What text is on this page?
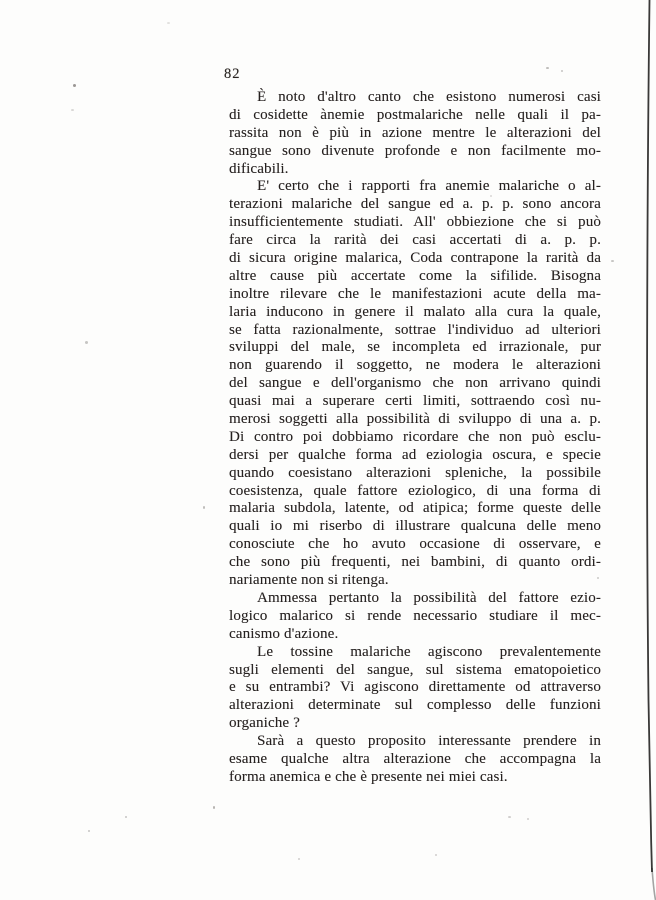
82
È noto d'altro canto che esistono numerosi casi
di cosidette ànemie postmalariche nelle quali il pa-
rassita non è più in azione mentre le alterazioni del
sangue sono divenute profonde e non facilmente mo-
dificabili.
E' certo che i rapporti fra anemie malariche o al-
terazioni malariche del sangue ed a. p. p. sono ancora
insufficientemente studiati. All' obbiezione che si può
fare circa la rarità dei casi accertati di a. p. p.
di sicura origine malarica, Coda contrapone la rarità da
altre cause più accertate come la sifilide. Bisogna
inoltre rilevare che le manifestazioni acute della ma-
laria inducono in genere il malato alla cura la quale,
se fatta razionalmente, sottrae l'individuo ad ulteriori
sviluppi del male, se incompleta ed irrazionale, pur
non guarendo il soggetto, ne modera le alterazioni
del sangue e dell'organismo che non arrivano quindi
quasi mai a superare certi limiti, sottraendo così nu-
merosi soggetti alla possibilità di sviluppo di una a. p.
Di contro poi dobbiamo ricordare che non può esclu-
dersi per qualche forma ad eziologia oscura, e specie
quando coesistano alterazioni spleniche, la possibile
coesistenza, quale fattore eziologico, di una forma di
malaria subdola, latente, od atipica; forme queste delle
quali io mi riserbo di illustrare qualcuna delle meno
conosciute che ho avuto occasione di osservare, e
che sono più frequenti, nei bambini, di quanto ordi-
nariamente non si ritenga.
Ammessa pertanto la possibilità del fattore ezio-
logico malarico si rende necessario studiare il mec-
canismo d'azione.
Le tossine malariche agiscono prevalentemente
sugli elementi del sangue, sul sistema ematopoietico
e su entrambi? Vi agiscono direttamente od attraverso
alterazioni determinate sul complesso delle funzioni
organiche ?
Sarà a questo proposito interessante prendere in
esame qualche altra alterazione che accompagna la
forma anemica e che è presente nei miei casi.
